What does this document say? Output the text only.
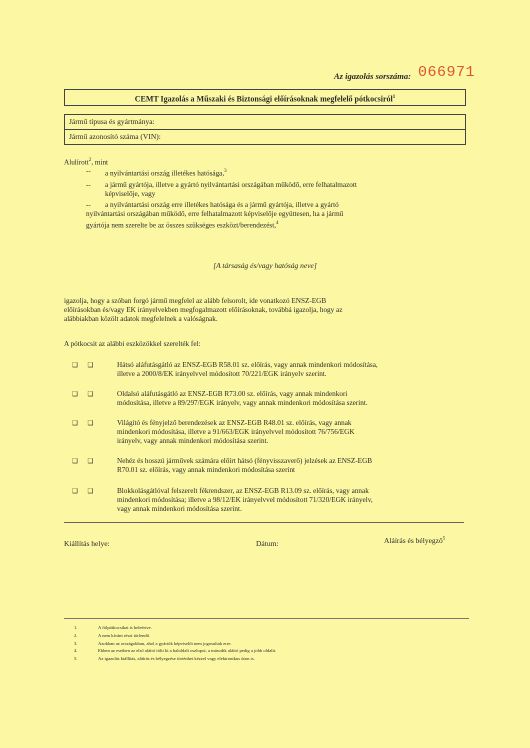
Az igazolás sorszáma: 066971
CEMT Igazolás a Műszaki és Biztonsági előírásoknak megfelelő pótkocsiról$^1$
Jármű típusa és gyártmánya:
Jármű azonosító száma (VIN):
Alulírott$^2$, mint
--	a nyilvántartási ország illetékes hatósága,$^3$
-- a jármű gyártója, illetve a gyártó nyilvántartási országában működő, erre felhatalmazott
képviselője, vagy
-- a nyilvántartási ország erre illetékes hatósága és a jármű gyártója, illetve a gyártó
nyilvántartási országában működő, erre felhatalmazott képviselője együttesen, ha a jármű
gyártója nem szerelte be az összes szükséges eszközt/berendezést,$^4$
[A társaság és/vagy hatóság neve]
igazolja, hogy a szóban forgó jármű megfelel az alább felsorolt, ide vonatkozó ENSZ-EGB
előírásokban és/vagy EK irányelvekben megfogalmazott előírásoknak, továbbá igazolja, hogy az
alábbiakban közölt adatok megfelelnek a valóságnak.
A pótkocsit az alábbi eszközökkel szerelték fel:
❑ ❑	Hátsó aláfutásgátló az ENSZ-EGB R58.01 sz. előírás, vagy annak mindenkori módosítása,
illetve a 2000/8/EK irányelvvel módosított 70/221/EGK irányelv szerint.
❑ ❑	Oldalsó aláfutásgátló az ENSZ-EGB R73.00 sz. előírás, vagy annak mindenkori
módosítása, illetve a 89/297/EGK irányelv, vagy annak mindenkori módosítása szerint.
❑ ❑	Világító és fényjelző berendezések az ENSZ-EGB R48.01 sz. előírás, vagy annak
mindenkori módosítása, illetve a 91/663/EGK irányelvvel módosított 76/756/EGK
irányelv, vagy annak mindenkori módosítása szerint.
❑ ❑	Nehéz és hosszú járművek számára előírt hátsó (fényvisszaverő) jelzések az ENSZ-EGB
R70.01 sz. előírás, vagy annak mindenkori módosítása szerint
❑ ❑	Blokkolásgátlóval felszerelt fékrendszer, az ENSZ-EGB R13.09 sz. előírás, vagy annak
mindenkori módosítása; illetve a 98/12/EK irányelvvel módosított 71/320/EGK irányelv,
vagy annak mindenkori módosítása szerint.
Kiállítás helye:	Dátum:	Aláírás és bélyegző$^5$
1.	A fölpótkocsikat is beleértve.
2.	A nem kívánt részt törlendő.
3.	Azokban az országokban, ahol a gyártók képviselői nem jogosultak erre.
4.	Ebben az esetben az első aláíró tölti ki a baloldali oszlopot, a második aláíró pedig a jobb oldalit.
5.	Az igazolás kiállítás, aláírás és bélyegzése történhet kézzel vagy elektronikus úton is.
